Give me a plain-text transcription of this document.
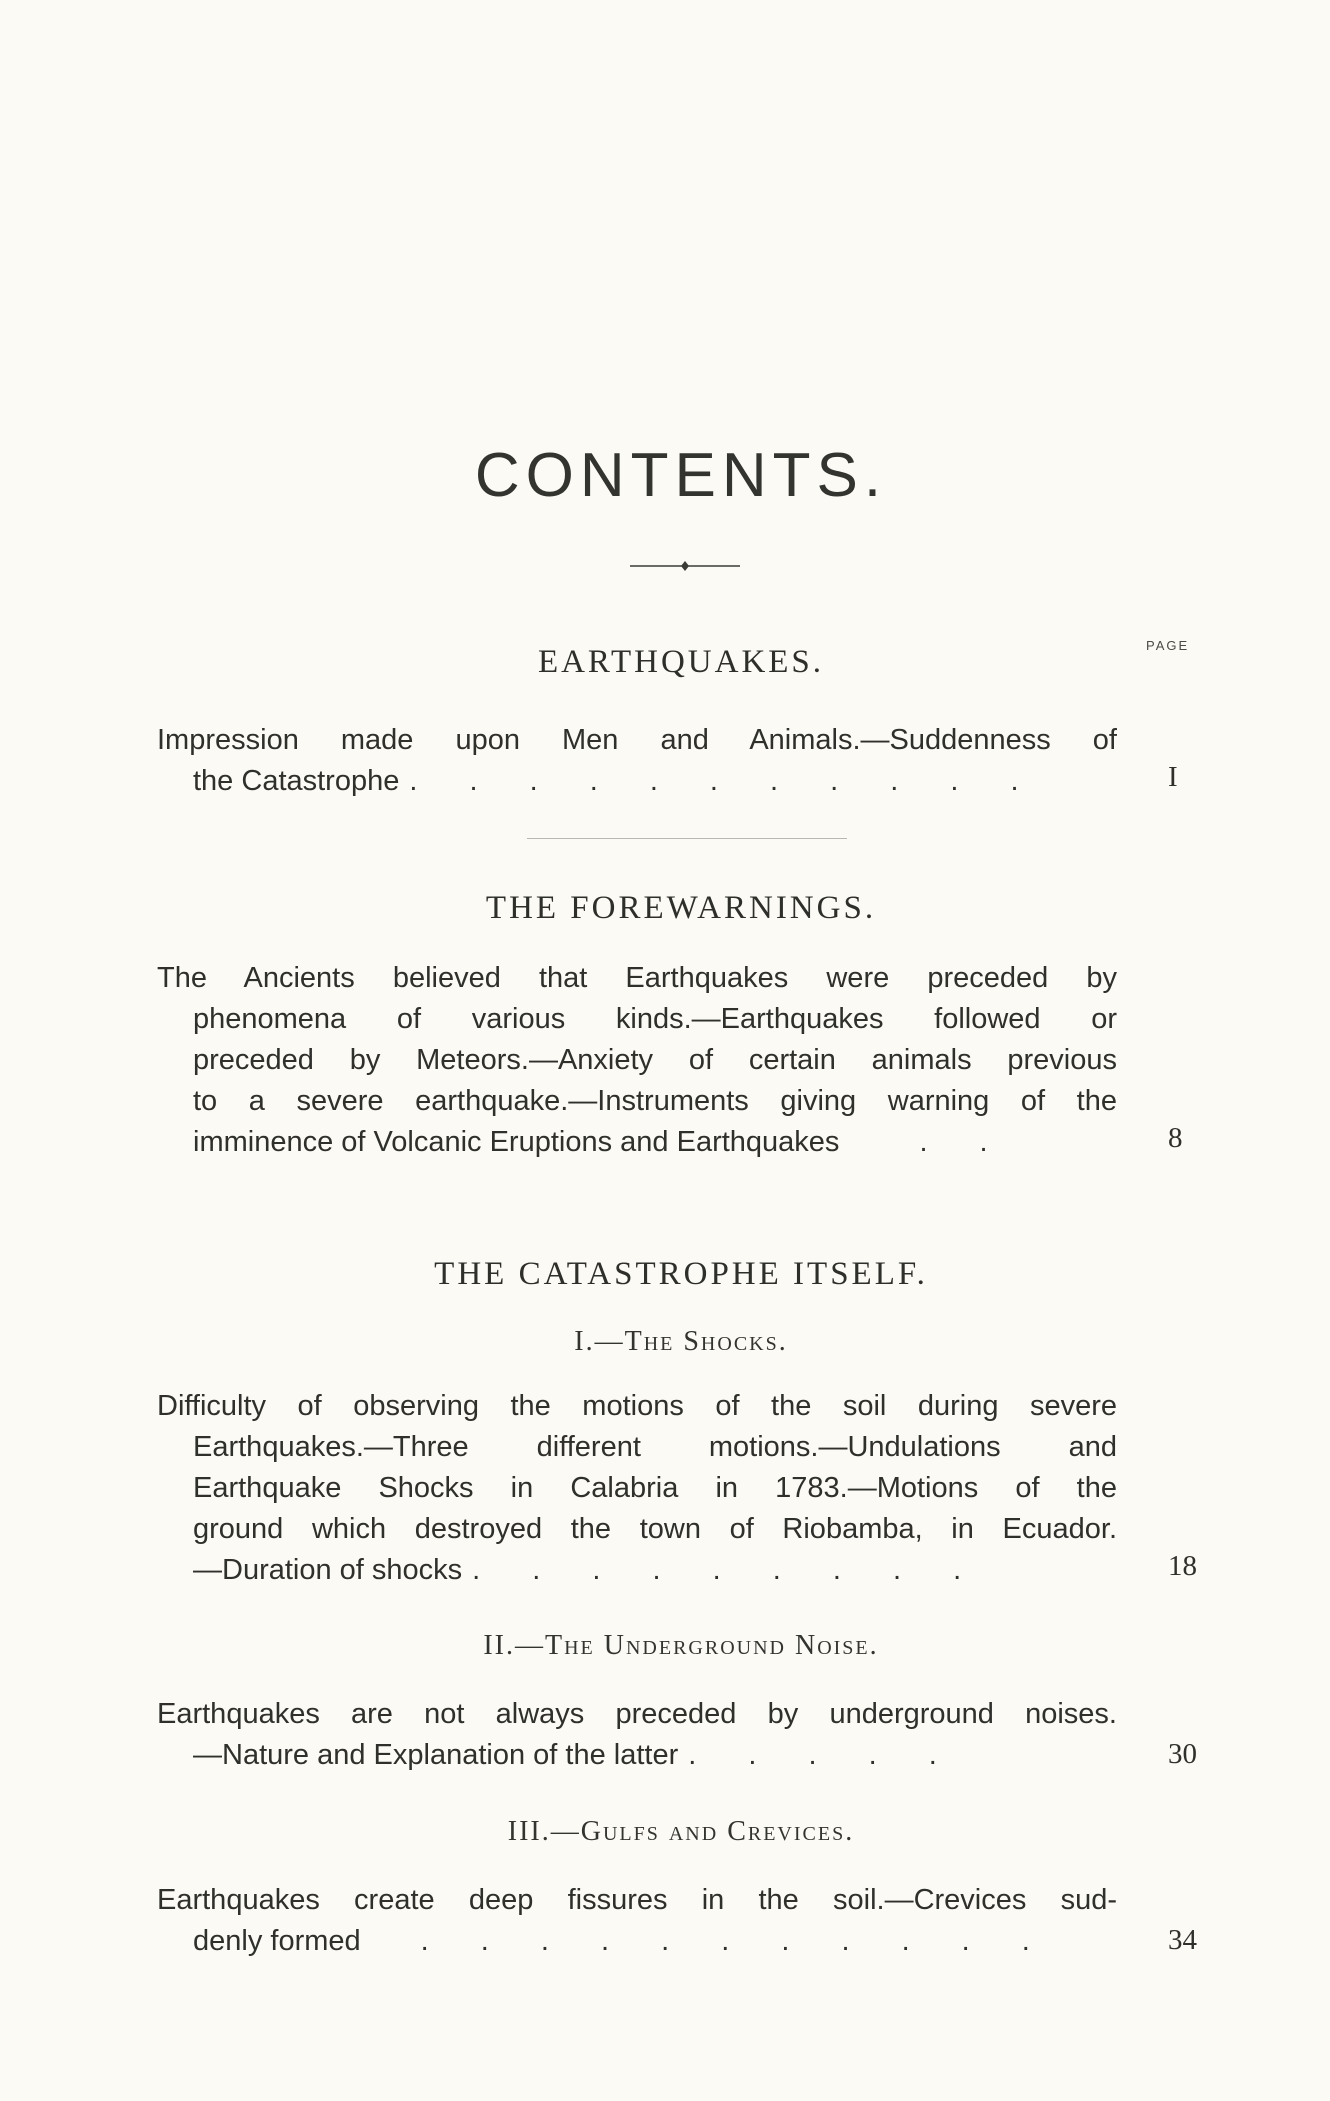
CONTENTS.
PAGE
EARTHQUAKES.
Impression made upon Men and Animals.—Suddenness of
the Catastrophe . . . . . . . . . . .	I
THE FOREWARNINGS.
The Ancients believed that Earthquakes were preceded by
phenomena of various kinds.—Earthquakes followed or
preceded by Meteors.—Anxiety of certain animals previous
to a severe earthquake.—Instruments giving warning of the
imminence of Volcanic Eruptions and Earthquakes	. .	8
THE CATASTROPHE ITSELF.
I.—The Shocks.
Difficulty of observing the motions of the soil during severe
Earthquakes.—Three different motions.—Undulations and
Earthquake Shocks in Calabria in 1783.—Motions of the
ground which destroyed the town of Riobamba, in Ecuador.
—Duration of shocks . . . . . . . . .	18
II.—The Underground Noise.
Earthquakes are not always preceded by underground noises.
—Nature and Explanation of the latter . . . . .	30
III.—Gulfs and Crevices.
Earthquakes create deep fissures in the soil.—Crevices sud-
denly formed . . . . . . . . . . .	34
